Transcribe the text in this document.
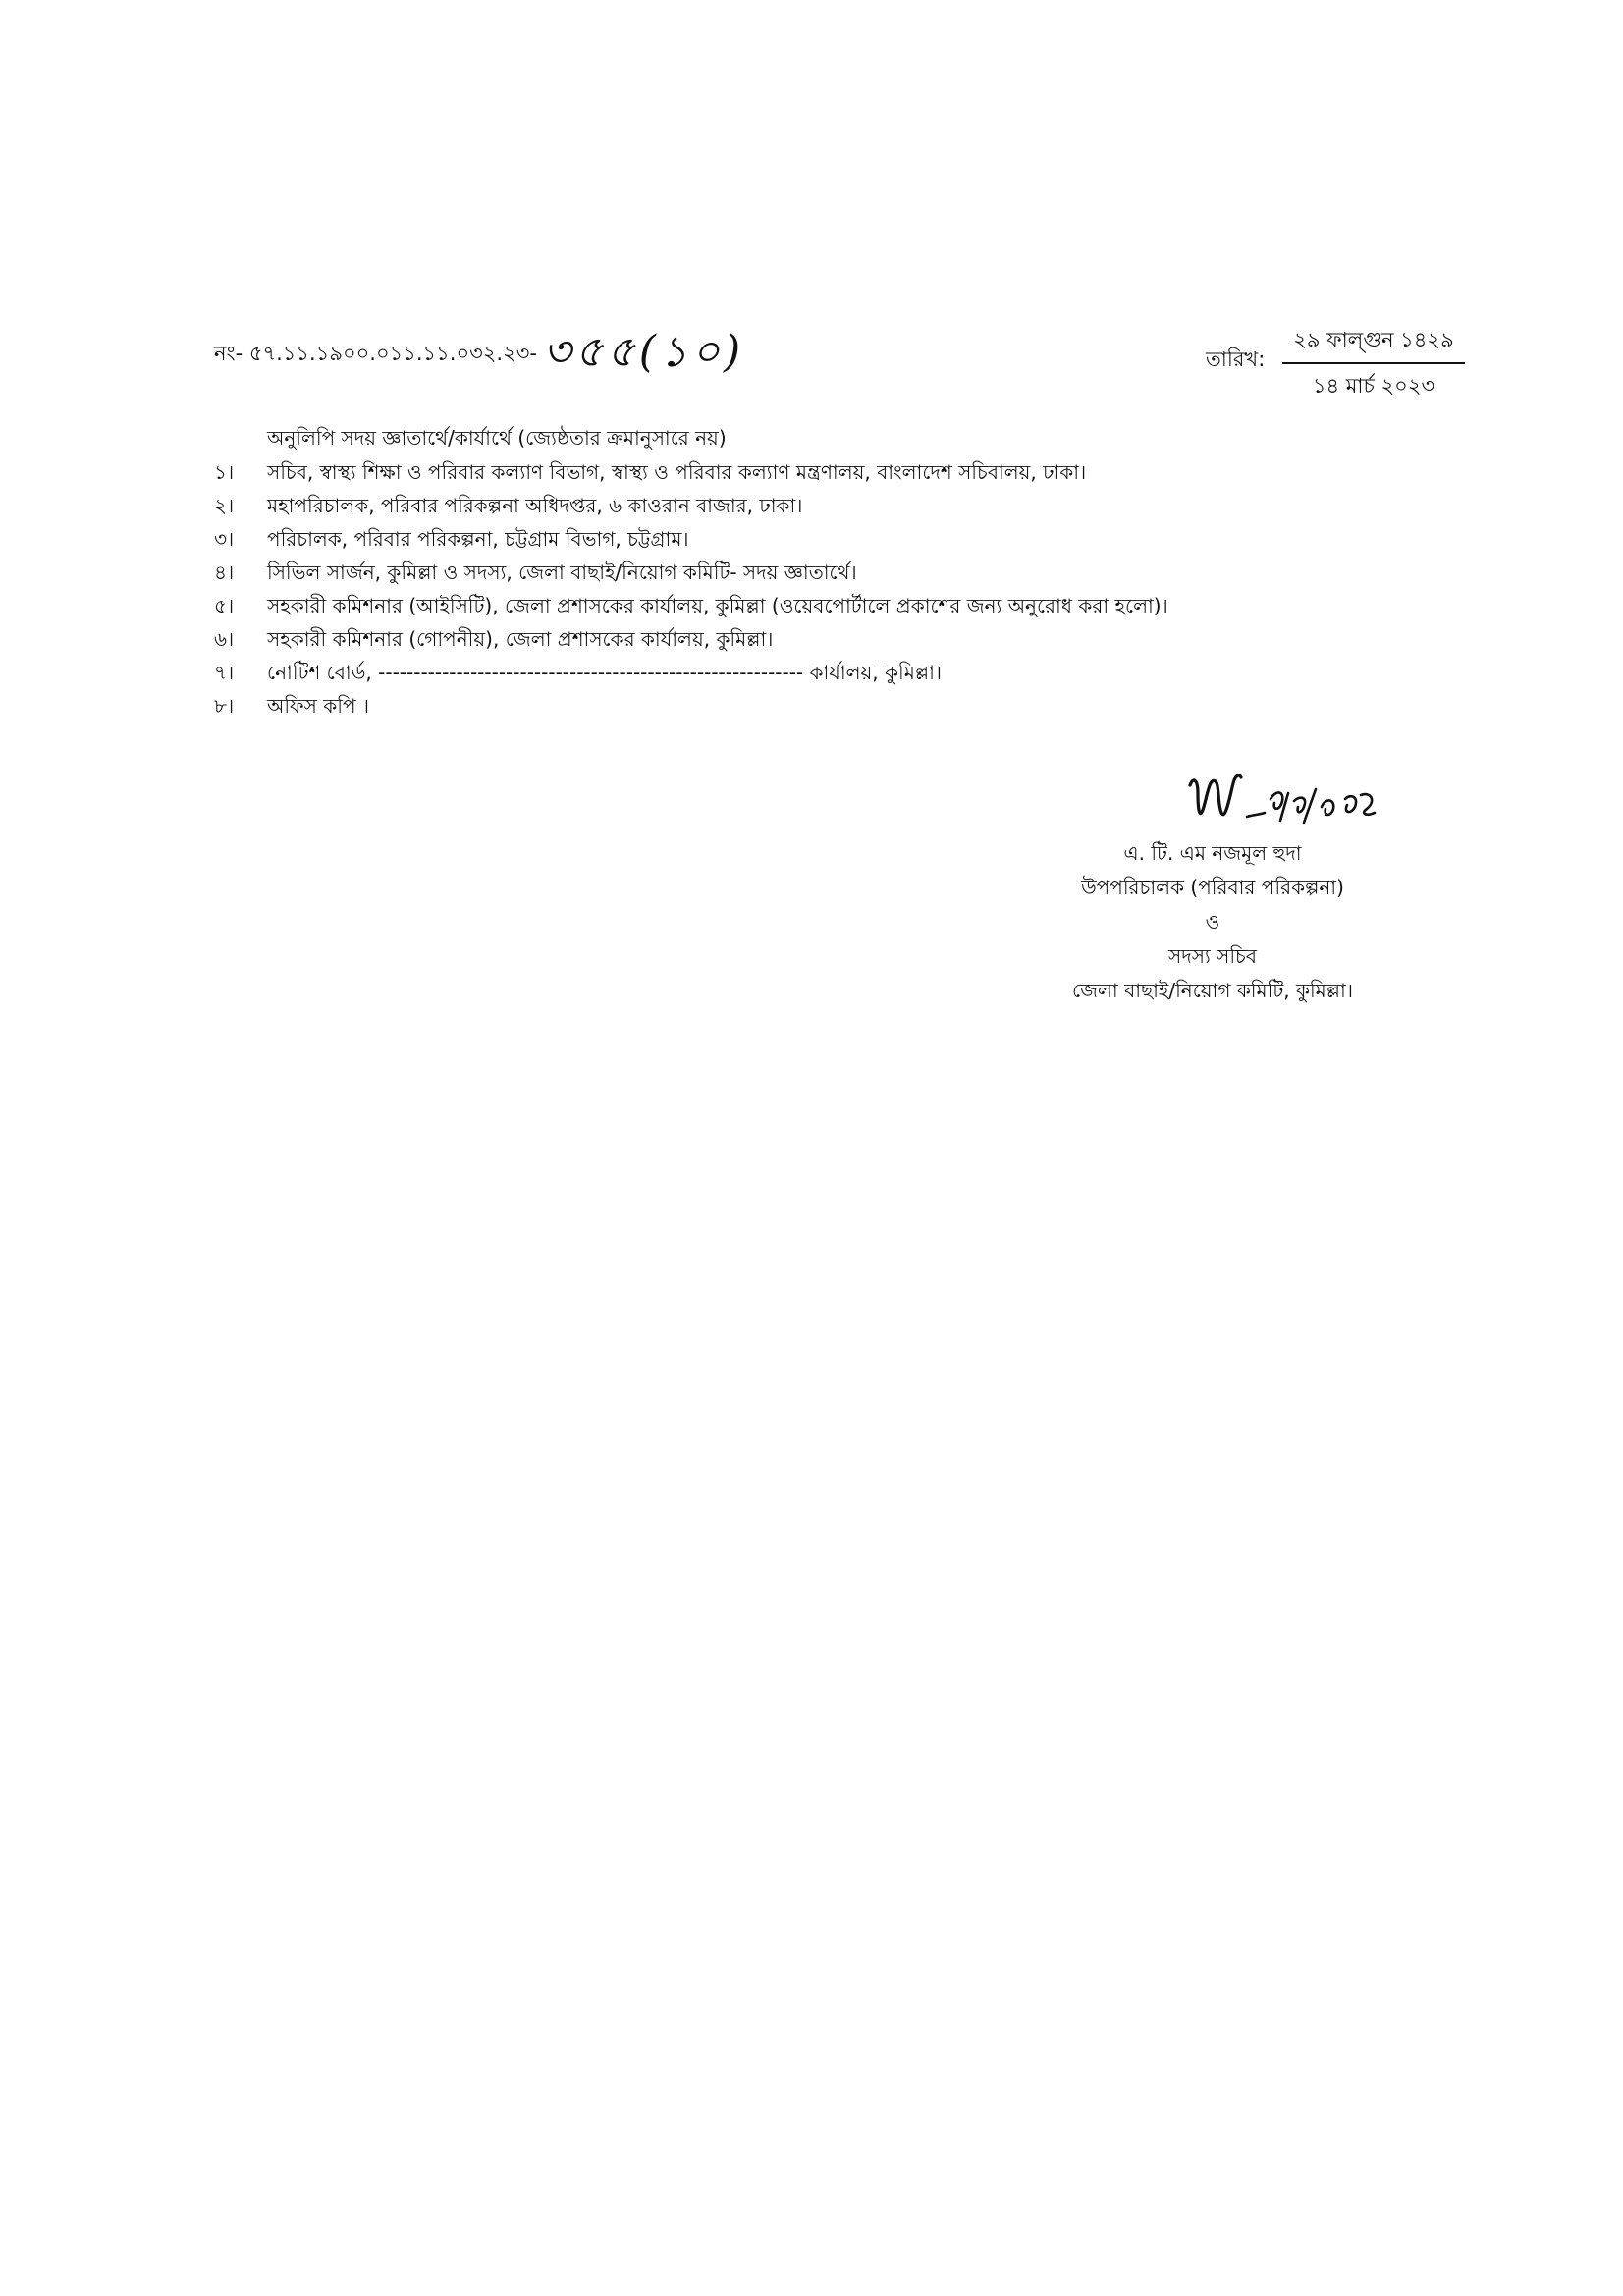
নং- ৫৭.১১.১৯০০.০১১.১১.০৩২.২৩- ৩৫৫(১০)	তারিখ:
২৯ ফাল্গুন ১৪২৯
১৪ মার্চ ২০২৩
অনুলিপি সদয় জ্ঞাতার্থে/কার্যার্থে (জ্যেষ্ঠতার ক্রমানুসারে নয়)
১।	সচিব, স্বাস্থ্য শিক্ষা ও পরিবার কল্যাণ বিভাগ, স্বাস্থ্য ও পরিবার কল্যাণ মন্ত্রণালয়, বাংলাদেশ সচিবালয়, ঢাকা।
২।	মহাপরিচালক, পরিবার পরিকল্পনা অধিদপ্তর, ৬ কাওরান বাজার, ঢাকা।
৩।	পরিচালক, পরিবার পরিকল্পনা, চট্টগ্রাম বিভাগ, চট্টগ্রাম।
৪।	সিভিল সার্জন, কুমিল্লা ও সদস্য, জেলা বাছাই/নিয়োগ কমিটি- সদয় জ্ঞাতার্থে।
৫।	সহকারী কমিশনার (আইসিটি), জেলা প্রশাসকের কার্যালয়, কুমিল্লা (ওয়েবপোর্টালে প্রকাশের জন্য অনুরোধ করা হলো)।
৬।	সহকারী কমিশনার (গোপনীয়), জেলা প্রশাসকের কার্যালয়, কুমিল্লা।
৭।	নোটিশ বোর্ড, ------------------------------------------------------------ কার্যালয়, কুমিল্লা।
৮।	অফিস কপি ।
এ. টি. এম নজমূল হুদা
উপপরিচালক (পরিবার পরিকল্পনা)
ও
সদস্য সচিব
জেলা বাছাই/নিয়োগ কমিটি, কুমিল্লা।
